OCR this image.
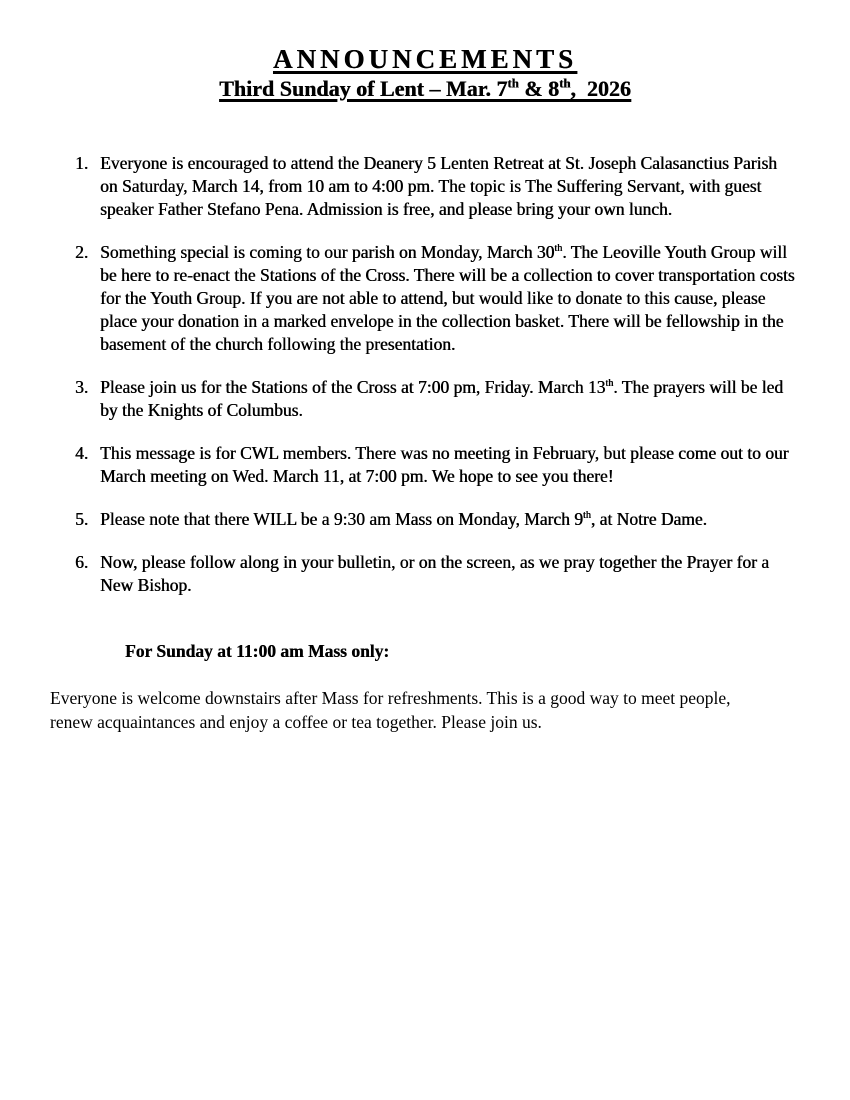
ANNOUNCEMENTS
Third Sunday of Lent – Mar. 7th & 8th,  2026
1. Everyone is encouraged to attend the Deanery 5 Lenten Retreat at St. Joseph Calasanctius Parish on Saturday, March 14, from 10 am to 4:00 pm. The topic is The Suffering Servant, with guest speaker Father Stefano Pena. Admission is free, and please bring your own lunch.
2. Something special is coming to our parish on Monday, March 30th. The Leoville Youth Group will be here to re-enact the Stations of the Cross. There will be a collection to cover transportation costs for the Youth Group. If you are not able to attend, but would like to donate to this cause, please place your donation in a marked envelope in the collection basket. There will be fellowship in the basement of the church following the presentation.
3. Please join us for the Stations of the Cross at 7:00 pm, Friday. March 13th. The prayers will be led by the Knights of Columbus.
4. This message is for CWL members. There was no meeting in February, but please come out to our March meeting on Wed. March 11, at 7:00 pm. We hope to see you there!
5. Please note that there WILL be a 9:30 am Mass on Monday, March 9th, at Notre Dame.
6. Now, please follow along in your bulletin, or on the screen, as we pray together the Prayer for a New Bishop.

For Sunday at 11:00 am Mass only:

Everyone is welcome downstairs after Mass for refreshments. This is a good way to meet people, renew acquaintances and enjoy a coffee or tea together. Please join us.
